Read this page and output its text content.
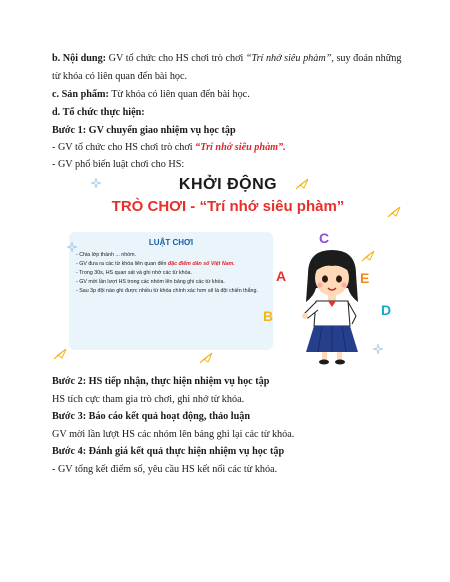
b. Nội dung: GV tổ chức cho HS chơi trò chơi “Trí nhớ siêu phàm”, suy đoán những
từ khóa có liên quan đến bài học.
c. Sản phẩm: Từ khóa có liên quan đến bài học.
d. Tổ chức thực hiện:
Bước 1: GV chuyển giao nhiệm vụ học tập
- GV tổ chức cho HS chơi trò chơi “Trí nhớ siêu phàm”.
- GV phổ biến luật chơi cho HS:
KHỞI ĐỘNG
TRÒ CHƠI - “Trí nhớ siêu phàm”
LUẬT CHƠI

- Chia lớp thành ... nhóm.

- GV đưa ra các từ khóa liên quan đến đặc điểm dân số Việt Nam.

- Trong 30s, HS quan sát và ghi nhớ các từ khóa.

- GV mời lần lượt HS trong các nhóm lên bảng ghi các từ khóa.

- Sau 3p đội nào ghi được nhiều từ khóa chính xác hơn sẽ là đội chiến thắng.

A
B
C
D
E
Bước 2: HS tiếp nhận, thực hiện nhiệm vụ học tập
HS tích cực tham gia trò chơi, ghi nhớ từ khóa.
Bước 3: Báo cáo kết quả hoạt động, thảo luận
GV mời lần lượt HS các nhóm lên bảng ghi lại các từ khóa.
Bước 4: Đánh giá kết quả thực hiện nhiệm vụ học tập
- GV tổng kết điểm số, yêu cầu HS kết nối các từ khóa.
